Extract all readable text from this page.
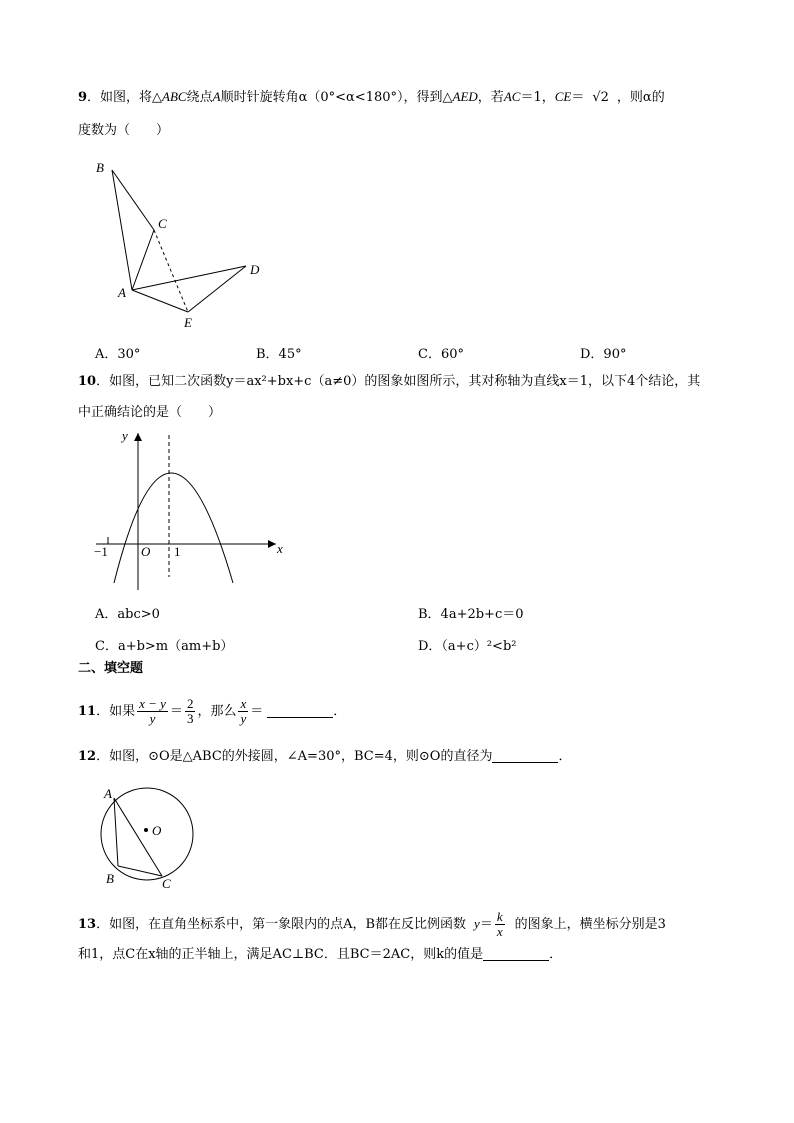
9．如图，将△ABC绕点A顺时针旋转角α（0°<α<180°），得到△AED，若AC＝1，CE＝ √2 ，则α的
度数为（　　）
B
C
A
D
E
A．30°	B．45°	C．60°	D．90°
10．如图，已知二次函数y＝ax²+bx+c（a≠0）的图象如图所示，其对称轴为直线x＝1，以下4个结论，其
中正确结论的是（　　）
y
x
O
−1	1
A．abc>0	B．4a+2b+c＝0
C．a+b>m（am+b）	D．（a+c）²<b²
二、填空题
11．如果 $\frac{x - y}{y} = \frac{2}{3}$ ，那么 $\frac{x}{y}$ ＝	．
12．如图，⊙O是△ABC的外接圆，∠A=30°，BC=4，则⊙O的直径为	．
A
O
B	C
13．如图，在直角坐标系中，第一象限内的点A，B都在反比例函数 $y= \frac{k}{x}$ 的图象上，横坐标分别是3
和1，点C在x轴的正半轴上，满足AC⊥BC．且BC＝2AC，则k的值是	．
